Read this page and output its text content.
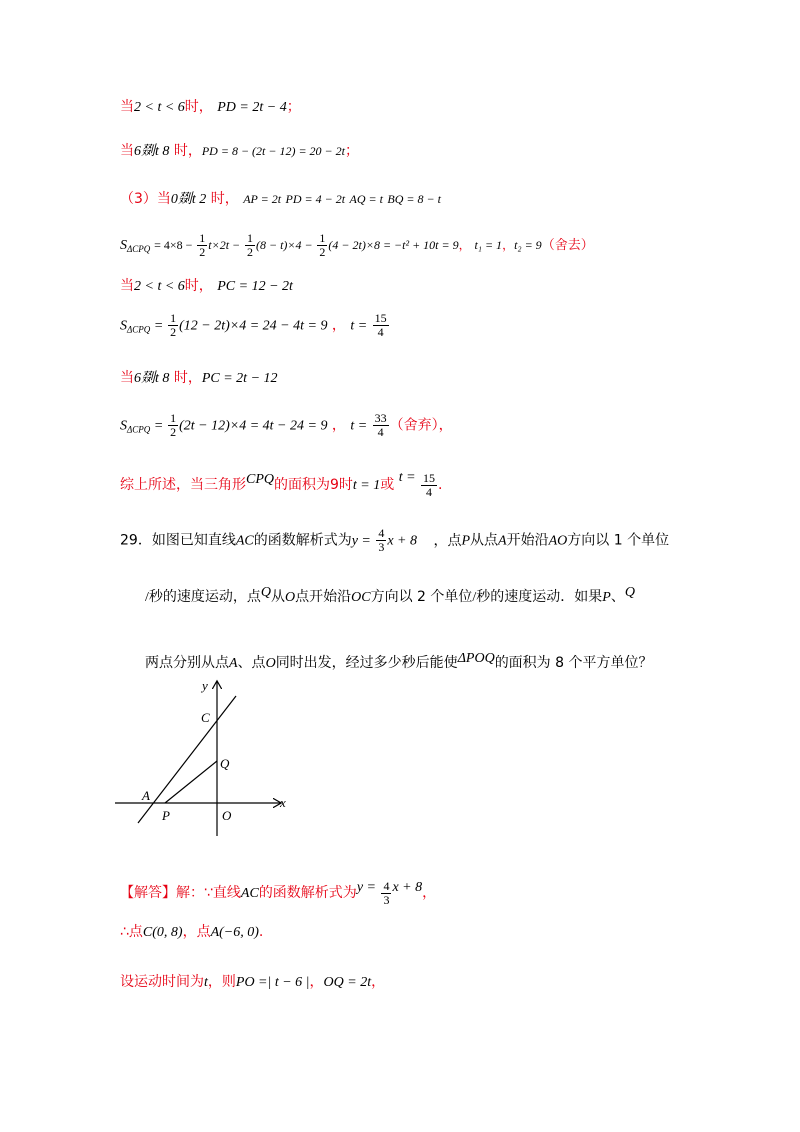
当2 < t < 6时， PD = 2t − 4；
当6剟t 8 时，PD = 8 − (2t − 12) = 20 − 2t；
（3）当0剟t 2 时， AP = 2t PD = 4 − 2t AQ = t BQ = 8 − t
$S_{\Delta CPQ} = 4\times 8 - \frac{1}{2} t\times 2t - \frac{1}{2} (8 - t)\times 4 - \frac{1}{2} (4 - 2t)\times 8 = -t^2 + 10t = 9$， t₁ = 1，t₂ = 9（舍去）
当2 < t < 6时， PC = 12 − 2t
$S_{\Delta CPQ} = \frac{1}{2} (12 - 2t)\times 4 = 24 - 4t = 9$ ， $t = \frac{15}{4}$
当6剟t 8 时，PC = 2t − 12
$S_{\Delta CPQ} = \frac{1}{2} (2t - 12)\times 4 = 4t - 24 = 9$ ， $t = \frac{33}{4}$ （舍弃），
综上所述，当三角形CPQ的面积为9时t = 1或 $t = \frac{15}{4}$ .
29．如图已知直线AC的函数解析式为$y = \frac{4}{3}$ x + 8 ，点P从点A开始沿AO方向以 1 个单位
/秒的速度运动，点Q从O点开始沿OC方向以 2 个单位/秒的速度运动．如果P、Q
两点分别从点A、点O同时出发，经过多少秒后能使ΔPOQ的面积为 8 个平方单位？
y
x
C
Q
A
P	O
【解答】解：∵直线AC的函数解析式为$y = \frac{4}{3}$ x + 8，
∴点C(0, 8)，点A(−6, 0).
设运动时间为t，则PO =| t − 6 |，OQ = 2t，
